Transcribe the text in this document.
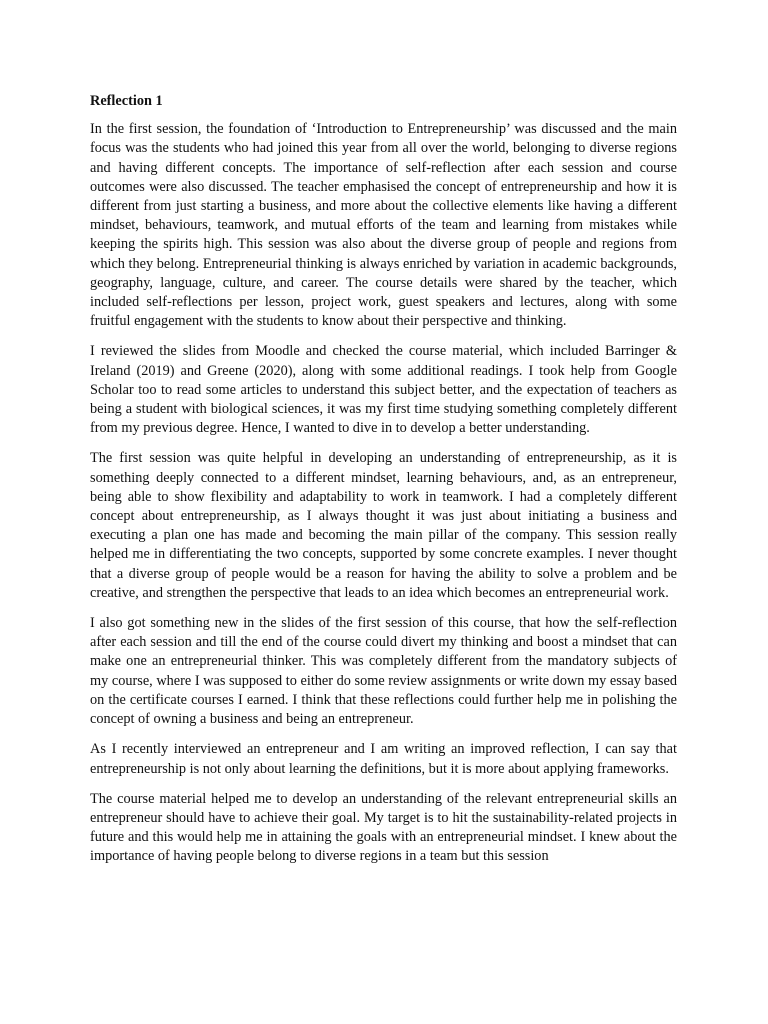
Reflection 1

In the first session, the foundation of ‘Introduction to Entrepreneurship’ was discussed and the main focus was the students who had joined this year from all over the world, belonging to diverse regions and having different concepts. The importance of self-reflection after each session and course outcomes were also discussed. The teacher emphasised the concept of entrepreneurship and how it is different from just starting a business, and more about the collective elements like having a different mindset, behaviours, teamwork, and mutual efforts of the team and learning from mistakes while keeping the spirits high. This session was also about the diverse group of people and regions from which they belong. Entrepreneurial thinking is always enriched by variation in academic backgrounds, geography, language, culture, and career. The course details were shared by the teacher, which included self-reflections per lesson, project work, guest speakers and lectures, along with some fruitful engagement with the students to know about their perspective and thinking.

I reviewed the slides from Moodle and checked the course material, which included Barringer & Ireland (2019) and Greene (2020), along with some additional readings. I took help from Google Scholar too to read some articles to understand this subject better, and the expectation of teachers as being a student with biological sciences, it was my first time studying something completely different from my previous degree. Hence, I wanted to dive in to develop a better understanding.

The first session was quite helpful in developing an understanding of entrepreneurship, as it is something deeply connected to a different mindset, learning behaviours, and, as an entrepreneur, being able to show flexibility and adaptability to work in teamwork. I had a completely different concept about entrepreneurship, as I always thought it was just about initiating a business and executing a plan one has made and becoming the main pillar of the company. This session really helped me in differentiating the two concepts, supported by some concrete examples. I never thought that a diverse group of people would be a reason for having the ability to solve a problem and be creative, and strengthen the perspective that leads to an idea which becomes an entrepreneurial work.

I also got something new in the slides of the first session of this course, that how the self-reflection after each session and till the end of the course could divert my thinking and boost a mindset that can make one an entrepreneurial thinker. This was completely different from the mandatory subjects of my course, where I was supposed to either do some review assignments or write down my essay based on the certificate courses I earned. I think that these reflections could further help me in polishing the concept of owning a business and being an entrepreneur.

As I recently interviewed an entrepreneur and I am writing an improved reflection, I can say that entrepreneurship is not only about learning the definitions, but it is more about applying frameworks.

The course material helped me to develop an understanding of the relevant entrepreneurial skills an entrepreneur should have to achieve their goal. My target is to hit the sustainability-related projects in future and this would help me in attaining the goals with an entrepreneurial mindset. I knew about the importance of having people belong to diverse regions in a team but this session
